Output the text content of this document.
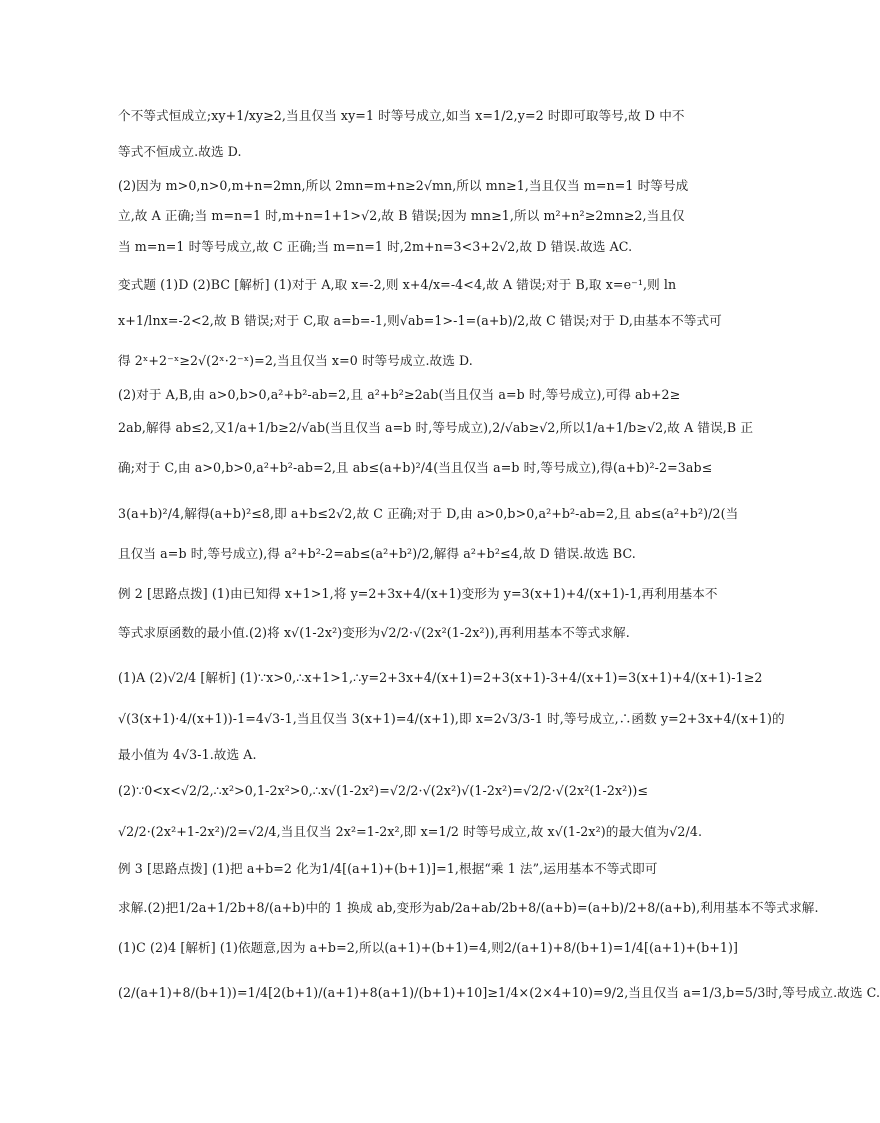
个不等式恒成立;xy+1/xy≥2,当且仅当 xy=1 时等号成立,如当 x=1/2,y=2 时即可取等号,故 D 中不
等式不恒成立.故选 D.
(2)因为 m>0,n>0,m+n=2mn,所以 2mn=m+n≥2√mn,所以 mn≥1,当且仅当 m=n=1 时等号成
立,故 A 正确;当 m=n=1 时,m+n=1+1>√2,故 B 错误;因为 mn≥1,所以 m²+n²≥2mn≥2,当且仅
当 m=n=1 时等号成立,故 C 正确;当 m=n=1 时,2m+n=3<3+2√2,故 D 错误.故选 AC.
变式题 (1)D (2)BC [解析] (1)对于 A,取 x=-2,则 x+4/x=-4<4,故 A 错误;对于 B,取 x=e⁻¹,则 ln
x+1/lnx=-2<2,故 B 错误;对于 C,取 a=b=-1,则√ab=1>-1=(a+b)/2,故 C 错误;对于 D,由基本不等式可
得 2ˣ+2⁻ˣ≥2√(2ˣ·2⁻ˣ)=2,当且仅当 x=0 时等号成立.故选 D.
(2)对于 A,B,由 a>0,b>0,a²+b²-ab=2,且 a²+b²≥2ab(当且仅当 a=b 时,等号成立),可得 ab+2≥
2ab,解得 ab≤2,又1/a+1/b≥2/√ab(当且仅当 a=b 时,等号成立),2/√ab≥√2,所以1/a+1/b≥√2,故 A 错误,B 正
确;对于 C,由 a>0,b>0,a²+b²-ab=2,且 ab≤(a+b)²/4(当且仅当 a=b 时,等号成立),得(a+b)²-2=3ab≤
3(a+b)²/4,解得(a+b)²≤8,即 a+b≤2√2,故 C 正确;对于 D,由 a>0,b>0,a²+b²-ab=2,且 ab≤(a²+b²)/2(当
且仅当 a=b 时,等号成立),得 a²+b²-2=ab≤(a²+b²)/2,解得 a²+b²≤4,故 D 错误.故选 BC.
例 2 [思路点拨] (1)由已知得 x+1>1,将 y=2+3x+4/(x+1)变形为 y=3(x+1)+4/(x+1)-1,再利用基本不
等式求原函数的最小值.(2)将 x√(1-2x²)变形为√2/2·√(2x²(1-2x²)),再利用基本不等式求解.
(1)A (2)√2/4 [解析] (1)∵x>0,∴x+1>1,∴y=2+3x+4/(x+1)=2+3(x+1)-3+4/(x+1)=3(x+1)+4/(x+1)-1≥2
√(3(x+1)·4/(x+1))-1=4√3-1,当且仅当 3(x+1)=4/(x+1),即 x=2√3/3-1 时,等号成立,∴函数 y=2+3x+4/(x+1)的
最小值为 4√3-1.故选 A.
(2)∵0<x<√2/2,∴x²>0,1-2x²>0,∴x√(1-2x²)=√2/2·√(2x²)√(1-2x²)=√2/2·√(2x²(1-2x²))≤
√2/2·(2x²+1-2x²)/2=√2/4,当且仅当 2x²=1-2x²,即 x=1/2 时等号成立,故 x√(1-2x²)的最大值为√2/4.
例 3 [思路点拨] (1)把 a+b=2 化为1/4[(a+1)+(b+1)]=1,根据“乘 1 法”,运用基本不等式即可
求解.(2)把1/2a+1/2b+8/(a+b)中的 1 换成 ab,变形为ab/2a+ab/2b+8/(a+b)=(a+b)/2+8/(a+b),利用基本不等式求解.
(1)C (2)4 [解析] (1)依题意,因为 a+b=2,所以(a+1)+(b+1)=4,则2/(a+1)+8/(b+1)=1/4[(a+1)+(b+1)]
(2/(a+1)+8/(b+1))=1/4[2(b+1)/(a+1)+8(a+1)/(b+1)+10]≥1/4×(2×4+10)=9/2,当且仅当 a=1/3,b=5/3时,等号成立.故选 C.
